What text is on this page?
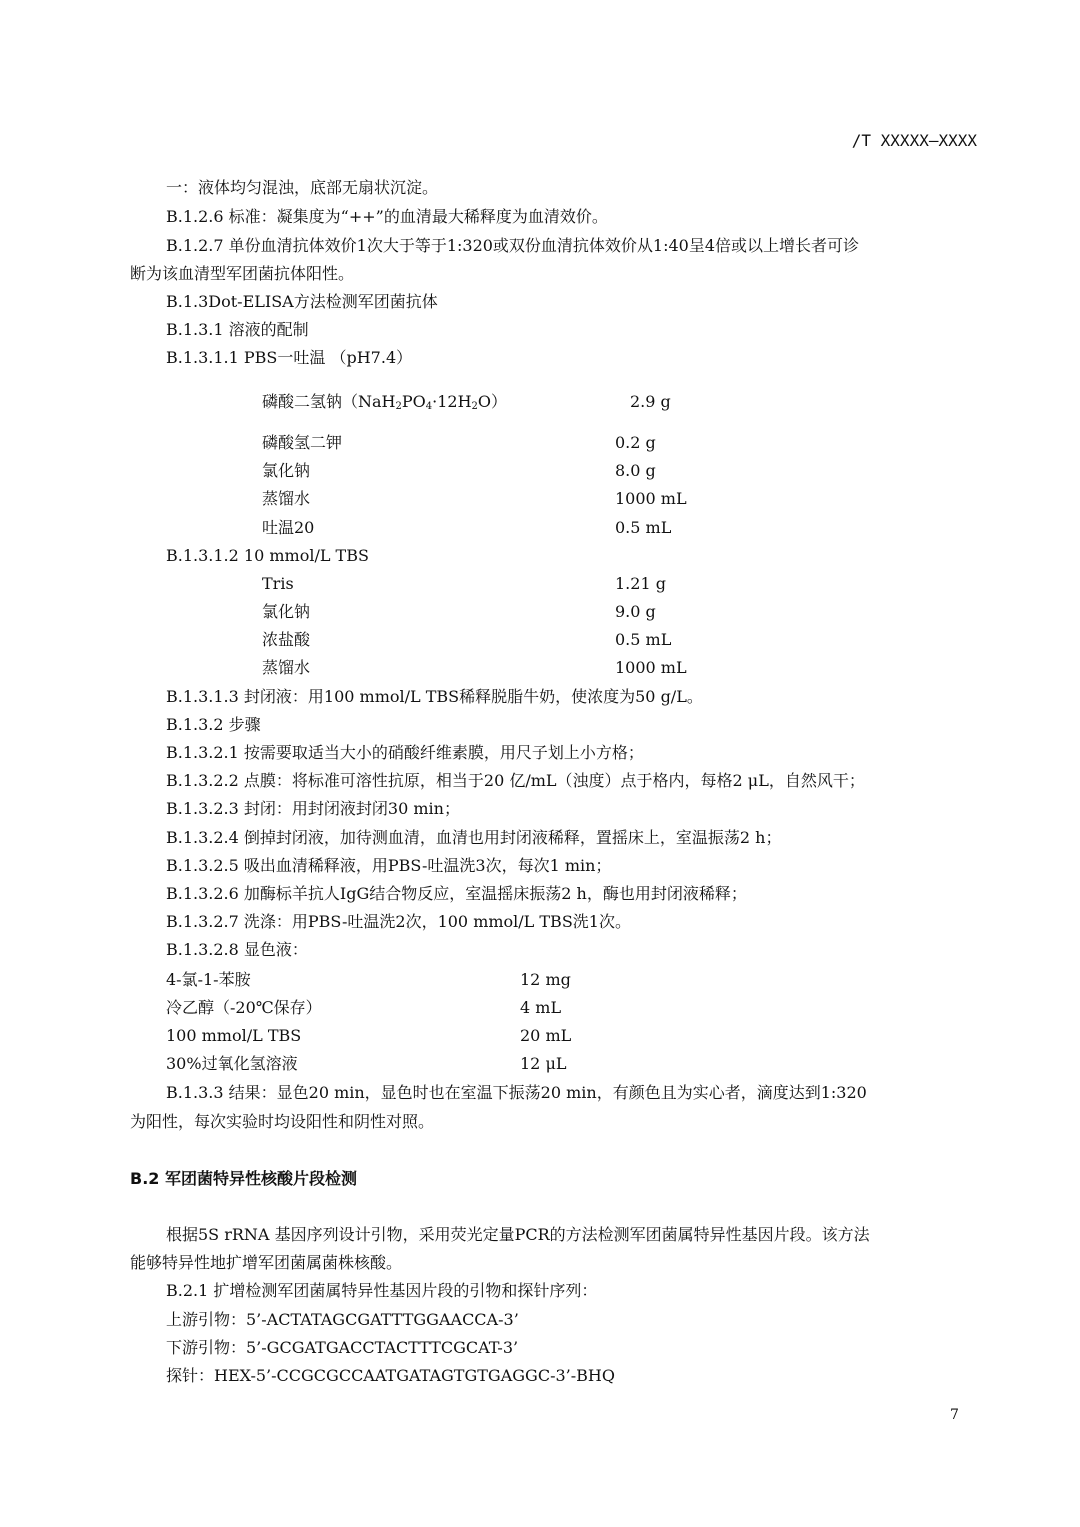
/T XXXXX—XXXX
一：液体均匀混浊，底部无扇状沉淀。
B.1.2.6 标准：凝集度为“++”的血清最大稀释度为血清效价。
B.1.2.7 单份血清抗体效价1次大于等于1:320或双份血清抗体效价从1:40呈4倍或以上增长者可诊
断为该血清型军团菌抗体阳性。
B.1.3Dot-ELISA方法检测军团菌抗体
B.1.3.1 溶液的配制
B.1.3.1.1 PBS一吐温 （pH7.4）
磷酸二氢钠$(NaH_2PO_4\cdot 12H_2O)$	2.9 g
磷酸氢二钾	0.2 g
氯化钠	8.0 g
蒸馏水	1000 mL
吐温20	0.5 mL
B.1.3.1.2 10 mmol/L TBS
Tris	1.21 g
氯化钠	9.0 g
浓盐酸	0.5 mL
蒸馏水	1000 mL
B.1.3.1.3 封闭液：用100 mmol/L TBS稀释脱脂牛奶，使浓度为50 g/L。
B.1.3.2 步骤
B.1.3.2.1 按需要取适当大小的硝酸纤维素膜，用尺子划上小方格；
B.1.3.2.2 点膜：将标准可溶性抗原，相当于20 亿/mL（浊度）点于格内，每格2 μL，自然风干；
B.1.3.2.3 封闭：用封闭液封闭30 min；
B.1.3.2.4 倒掉封闭液，加待测血清，血清也用封闭液稀释，置摇床上，室温振荡2 h；
B.1.3.2.5 吸出血清稀释液，用PBS-吐温洗3次，每次1 min；
B.1.3.2.6 加酶标羊抗人IgG结合物反应，室温摇床振荡2 h，酶也用封闭液稀释；
B.1.3.2.7 洗涤：用PBS-吐温洗2次，100 mmol/L TBS洗1次。
B.1.3.2.8 显色液：
4-氯-1-苯胺	12 mg
冷乙醇（-20℃保存）	4 mL
100 mmol/L TBS	20 mL
30%过氧化氢溶液	12 μL
B.1.3.3 结果：显色20 min，显色时也在室温下振荡20 min，有颜色且为实心者，滴度达到1:320
为阳性，每次实验时均设阳性和阴性对照。
B.2 军团菌特异性核酸片段检测
根据5S rRNA 基因序列设计引物，采用荧光定量PCR的方法检测军团菌属特异性基因片段。该方法
能够特异性地扩增军团菌属菌株核酸。
B.2.1 扩增检测军团菌属特异性基因片段的引物和探针序列：
上游引物：5’-ACTATAGCGATTTGGAACCA-3’
下游引物：5’-GCGATGACCTACTTTCGCAT-3’
探针：HEX-5’-CCGCGCCAATGATAGTGTGAGGC-3’-BHQ
7
